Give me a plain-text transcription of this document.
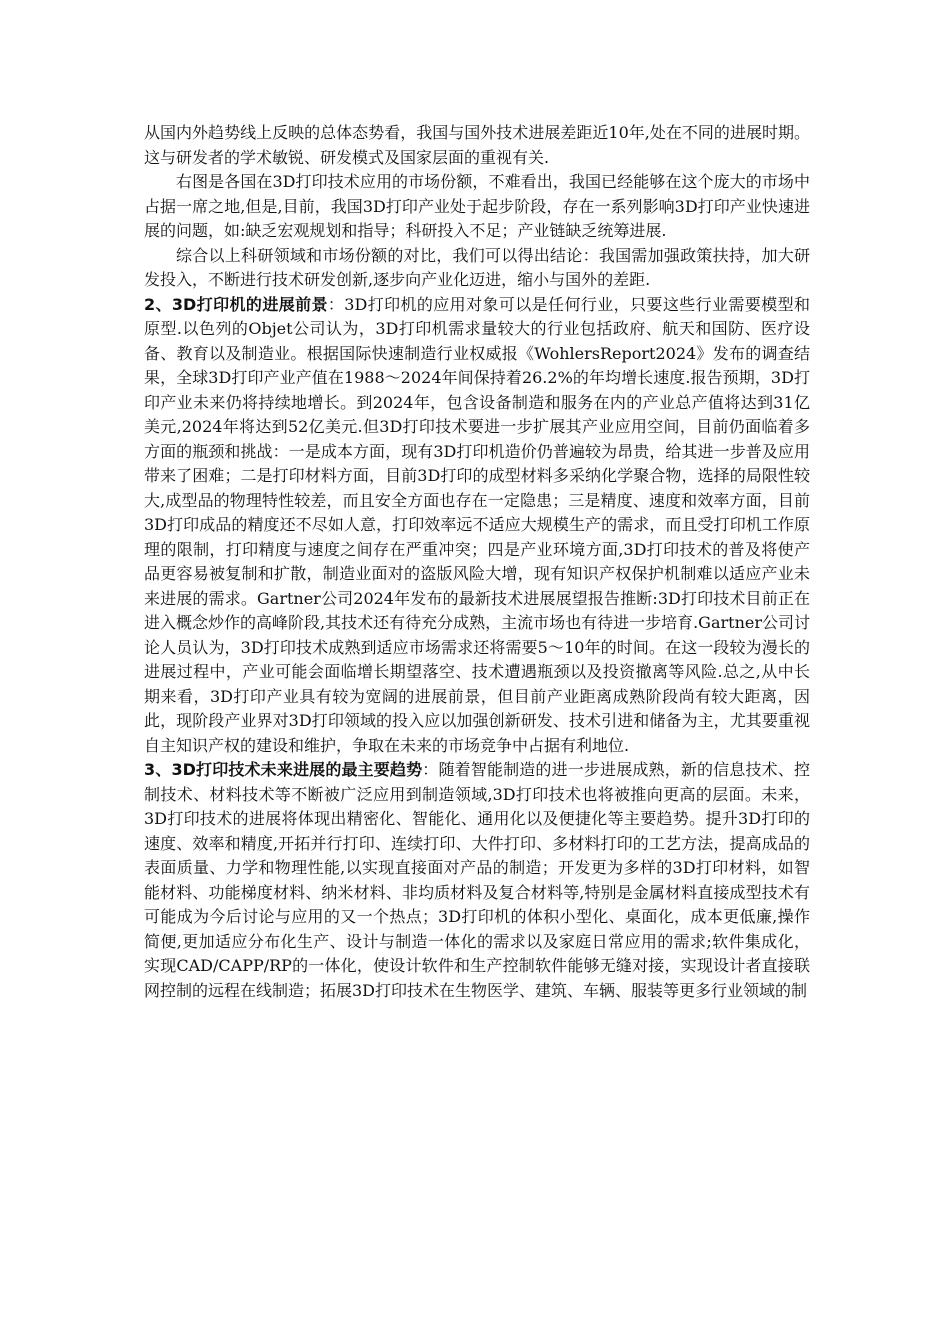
从国内外趋势线上反映的总体态势看，我国与国外技术进展差距近10年,处在不同的进展时期。这与研发者的学术敏锐、研发模式及国家层面的重视有关.

右图是各国在3D打印技术应用的市场份额，不难看出，我国已经能够在这个庞大的市场中占据一席之地,但是,目前，我国3D打印产业处于起步阶段，存在一系列影响3D打印产业快速进展的问题，如:缺乏宏观规划和指导；科研投入不足；产业链缺乏统筹进展.

综合以上科研领域和市场份额的对比，我们可以得出结论：我国需加强政策扶持，加大研发投入，不断进行技术研发创新,逐步向产业化迈进，缩小与国外的差距.

2、3D打印机的进展前景：3D打印机的应用对象可以是任何行业，只要这些行业需要模型和原型.以色列的Objet公司认为，3D打印机需求量较大的行业包括政府、航天和国防、医疗设备、教育以及制造业。根据国际快速制造行业权威报《WohlersReport2024》发布的调查结果，全球3D打印产业产值在1988～2024年间保持着26.2%的年均增长速度.报告预期，3D打印产业未来仍将持续地增长。到2024年，包含设备制造和服务在内的产业总产值将达到31亿美元,2024年将达到52亿美元.但3D打印技术要进一步扩展其产业应用空间，目前仍面临着多方面的瓶颈和挑战：一是成本方面，现有3D打印机造价仍普遍较为昂贵，给其进一步普及应用带来了困难；二是打印材料方面，目前3D打印的成型材料多采纳化学聚合物，选择的局限性较大,成型品的物理特性较差，而且安全方面也存在一定隐患；三是精度、速度和效率方面，目前3D打印成品的精度还不尽如人意，打印效率远不适应大规模生产的需求，而且受打印机工作原理的限制，打印精度与速度之间存在严重冲突；四是产业环境方面,3D打印技术的普及将使产品更容易被复制和扩散，制造业面对的盗版风险大增，现有知识产权保护机制难以适应产业未来进展的需求。Gartner公司2024年发布的最新技术进展展望报告推断:3D打印技术目前正在进入概念炒作的高峰阶段,其技术还有待充分成熟，主流市场也有待进一步培育.Gartner公司讨论人员认为，3D打印技术成熟到适应市场需求还将需要5～10年的时间。在这一段较为漫长的进展过程中，产业可能会面临增长期望落空、技术遭遇瓶颈以及投资撤离等风险.总之,从中长期来看，3D打印产业具有较为宽阔的进展前景，但目前产业距离成熟阶段尚有较大距离，因此，现阶段产业界对3D打印领域的投入应以加强创新研发、技术引进和储备为主，尤其要重视自主知识产权的建设和维护，争取在未来的市场竞争中占据有利地位.

3、3D打印技术未来进展的最主要趋势：随着智能制造的进一步进展成熟，新的信息技术、控制技术、材料技术等不断被广泛应用到制造领域,3D打印技术也将被推向更高的层面。未来，3D打印技术的进展将体现出精密化、智能化、通用化以及便捷化等主要趋势。提升3D打印的速度、效率和精度,开拓并行打印、连续打印、大件打印、多材料打印的工艺方法，提高成品的表面质量、力学和物理性能,以实现直接面对产品的制造；开发更为多样的3D打印材料，如智能材料、功能梯度材料、纳米材料、非均质材料及复合材料等,特别是金属材料直接成型技术有可能成为今后讨论与应用的又一个热点；3D打印机的体积小型化、桌面化，成本更低廉,操作简便,更加适应分布化生产、设计与制造一体化的需求以及家庭日常应用的需求;软件集成化，实现CAD/CAPP/RP的一体化，使设计软件和生产控制软件能够无缝对接，实现设计者直接联网控制的远程在线制造；拓展3D打印技术在生物医学、建筑、车辆、服装等更多行业领域的制
